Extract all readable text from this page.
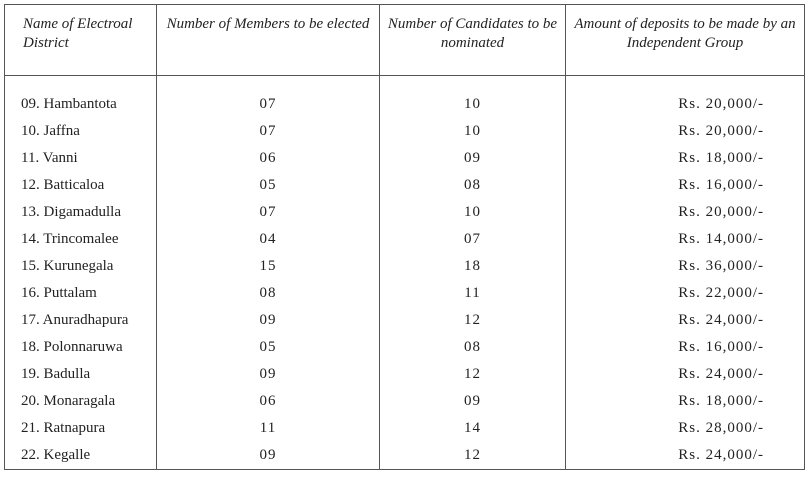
Name of Electroal District	Number of Members to be elected	Number of Candidates to be nominated	Amount of deposits to be made by an Independent Group

09. Hambantota	07	10	Rs. 20,000/-
10. Jaffna	07	10	Rs. 20,000/-
11. Vanni	06	09	Rs. 18,000/-
12. Batticaloa	05	08	Rs. 16,000/-
13. Digamadulla	07	10	Rs. 20,000/-
14. Trincomalee	04	07	Rs. 14,000/-
15. Kurunegala	15	18	Rs. 36,000/-
16. Puttalam	08	11	Rs. 22,000/-
17. Anuradhapura	09	12	Rs. 24,000/-
18. Polonnaruwa	05	08	Rs. 16,000/-
19. Badulla	09	12	Rs. 24,000/-
20. Monaragala	06	09	Rs. 18,000/-
21. Ratnapura	11	14	Rs. 28,000/-
22. Kegalle	09	12	Rs. 24,000/-
